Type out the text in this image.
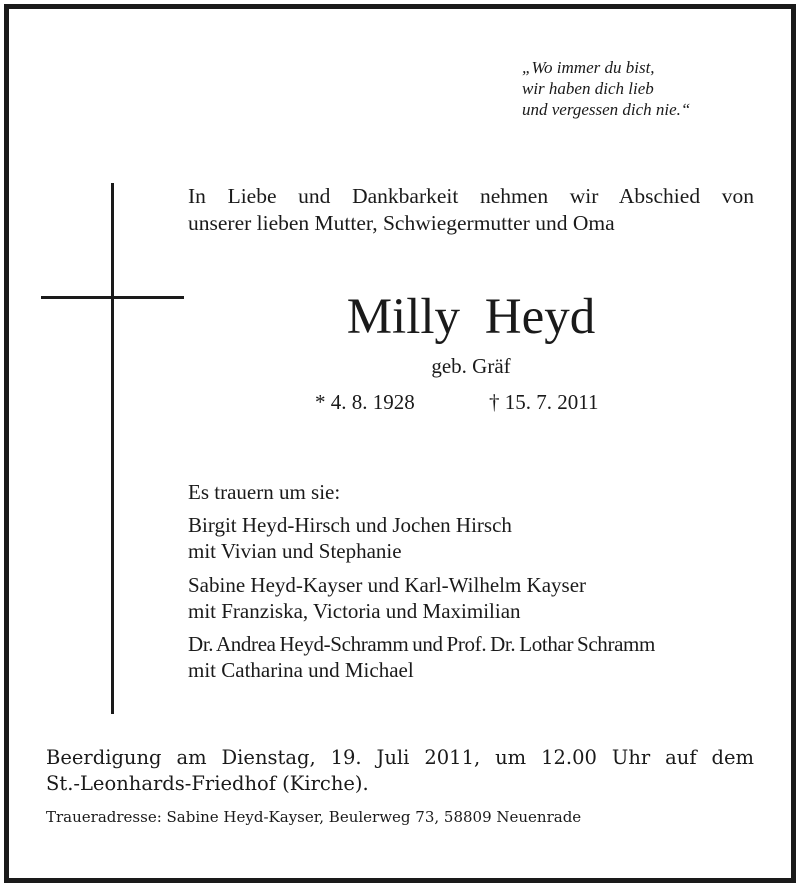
„Wo immer du bist,
wir haben dich lieb
und vergessen dich nie.“
In Liebe und Dankbarkeit nehmen wir Abschied von
unserer lieben Mutter, Schwiegermutter und Oma
Milly Heyd
geb. Gräf
* 4. 8. 1928	† 15. 7. 2011
Es trauern um sie:
Birgit Heyd-Hirsch und Jochen Hirsch
mit Vivian und Stephanie
Sabine Heyd-Kayser und Karl-Wilhelm Kayser
mit Franziska, Victoria und Maximilian
Dr. Andrea Heyd-Schramm und Prof. Dr. Lothar Schramm
mit Catharina und Michael
Beerdigung am Dienstag, 19. Juli 2011, um 12.00 Uhr auf dem
St.-Leonhards-Friedhof (Kirche).
Traueradresse: Sabine Heyd-Kayser, Beulerweg 73, 58809 Neuenrade
